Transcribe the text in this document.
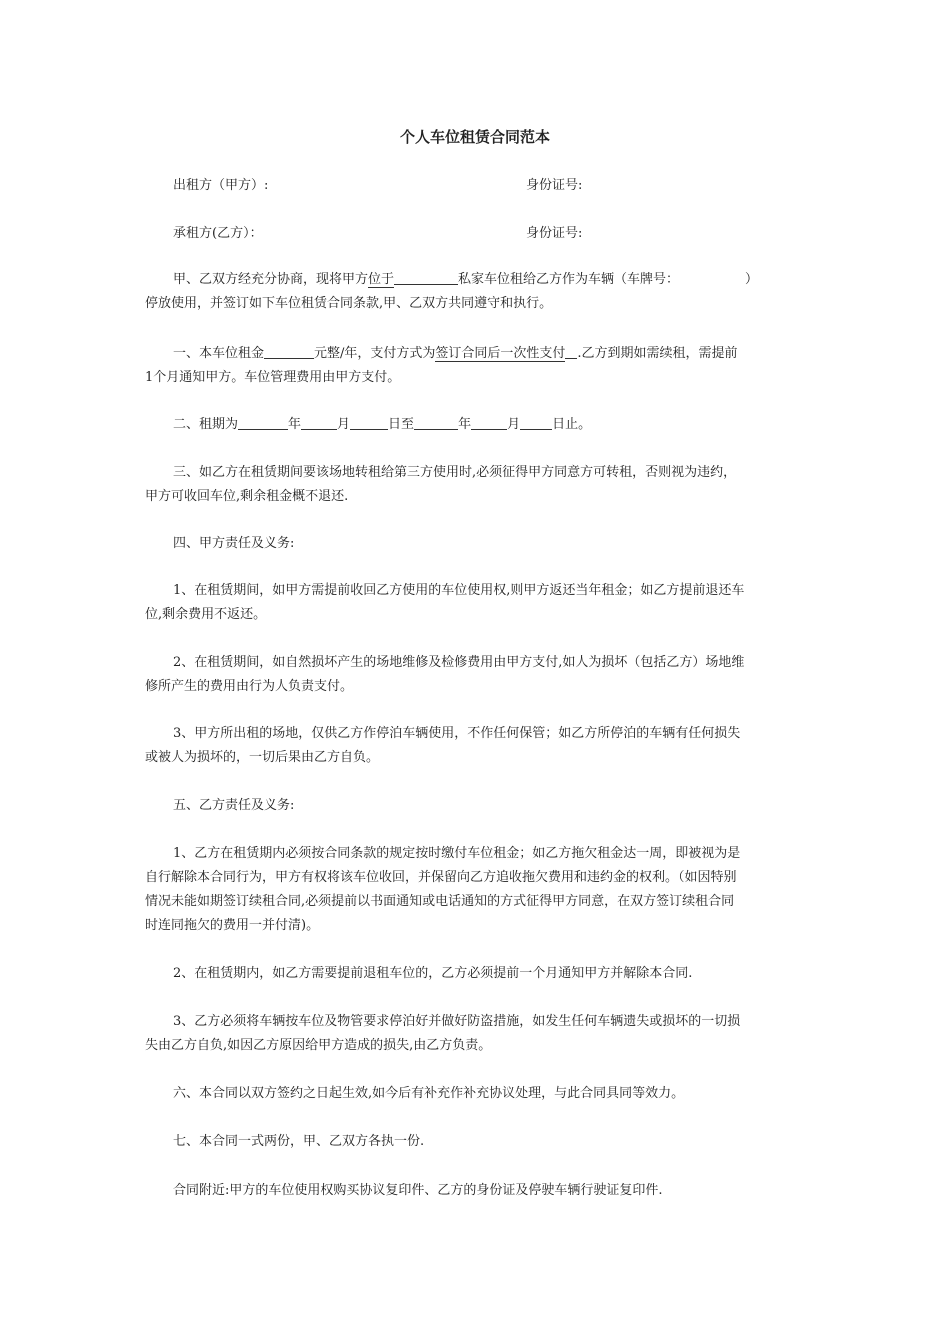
个人车位租赁合同范本
出租方（甲方）:	身份证号:
承租方(乙方）：	身份证号:
甲、乙双方经充分协商，现将甲方位于	私家车位租给乙方作为车辆（车牌号：	）
停放使用，并签订如下车位租赁合同条款,甲、乙双方共同遵守和执行。
一、本车位租金	元整/年，支付方式为签订合同后一次性支付 .乙方到期如需续租，需提前
1个月通知甲方。车位管理费用由甲方支付。
二、租期为	年	月	日至	年	月 日止。
三、如乙方在租赁期间要该场地转租给第三方使用时,必须征得甲方同意方可转租，否则视为违约，
甲方可收回车位,剩余租金概不退还.
四、甲方责任及义务:
1、在租赁期间，如甲方需提前收回乙方使用的车位使用权,则甲方返还当年租金；如乙方提前退还车
位,剩余费用不返还。
2、在租赁期间，如自然损坏产生的场地维修及检修费用由甲方支付,如人为损坏（包括乙方）场地维
修所产生的费用由行为人负责支付。
3、甲方所出租的场地，仅供乙方作停泊车辆使用，不作任何保管；如乙方所停泊的车辆有任何损失
或被人为损坏的，一切后果由乙方自负。
五、乙方责任及义务:
1、乙方在租赁期内必须按合同条款的规定按时缴付车位租金；如乙方拖欠租金达一周，即被视为是
自行解除本合同行为，甲方有权将该车位收回，并保留向乙方追收拖欠费用和违约金的权利。（如因特别
情况未能如期签订续租合同,必须提前以书面通知或电话通知的方式征得甲方同意，在双方签订续租合同
时连同拖欠的费用一并付清)。
2、在租赁期内，如乙方需要提前退租车位的，乙方必须提前一个月通知甲方并解除本合同.
3、乙方必须将车辆按车位及物管要求停泊好并做好防盗措施，如发生任何车辆遗失或损坏的一切损
失由乙方自负,如因乙方原因给甲方造成的损失,由乙方负责。
六、本合同以双方签约之日起生效,如今后有补充作补充协议处理，与此合同具同等效力。
七、本合同一式两份，甲、乙双方各执一份.
合同附近:甲方的车位使用权购买协议复印件、乙方的身份证及停驶车辆行驶证复印件.
